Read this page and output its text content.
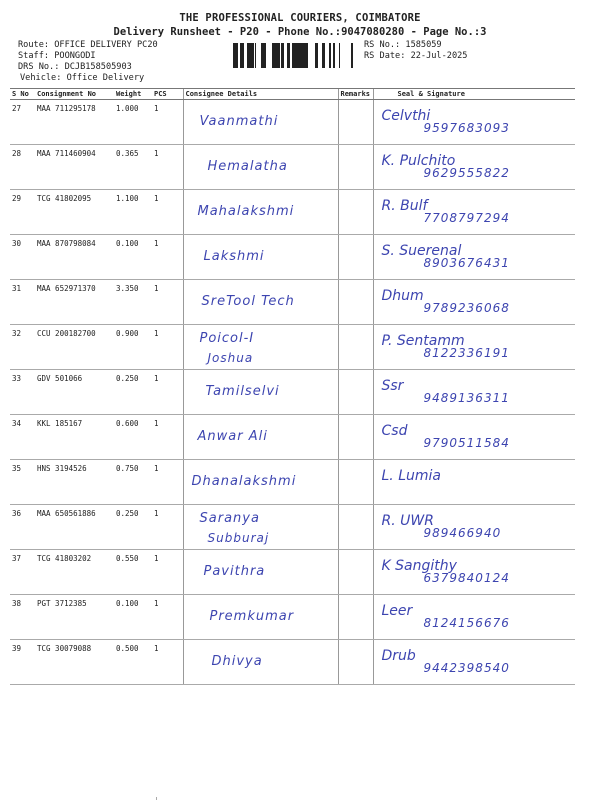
THE PROFESSIONAL COURIERS, COIMBATORE
Delivery Runsheet - P20 - Phone No.:9047080280 - Page No.:3
Route: OFFICE DELIVERY PC20
Staff: POONGODI
DRS No.: DCJB158505903
Vehicle: Office Delivery
RS No.: 1585059
RS Date: 22-Jul-2025
S No	Consignment No	Weight	PCS	Consignee Details	Remarks	Seal & Signature
27	MAA 711295178	1.000	1	Vaanmathi		Celvthi
9597683093

28	MAA 711460904	0.365	1	Hemalatha		K. Pulchito
9629555822

29	TCG 41802095	1.100	1	Mahalakshmi		R. Bulf
7708797294

30	MAA 870798084	0.100	1	Lakshmi		S. Suerenal
8903676431

31	MAA 652971370	3.350	1	SreTool Tech		Dhum
9789236068

32	CCU 200182700	0.900	1	Poicol-I
Joshua		P. Sentamm
8122336191

33	GDV 501066	0.250	1	Tamilselvi		Ssr
9489136311

34	KKL 185167	0.600	1	Anwar Ali		Csd
9790511584

35	HNS 3194526	0.750	1	Dhanalakshmi		L. Lumia

36	MAA 650561886	0.250	1	Saranya
Subburaj		R. UWR
989466940

37	TCG 41803202	0.550	1	Pavithra		K Sangithy
6379840124

38	PGT 3712385	0.100	1	Premkumar		Leer
8124156676

39	TCG 30079088	0.500	1	Dhivya		Drub
9442398540
